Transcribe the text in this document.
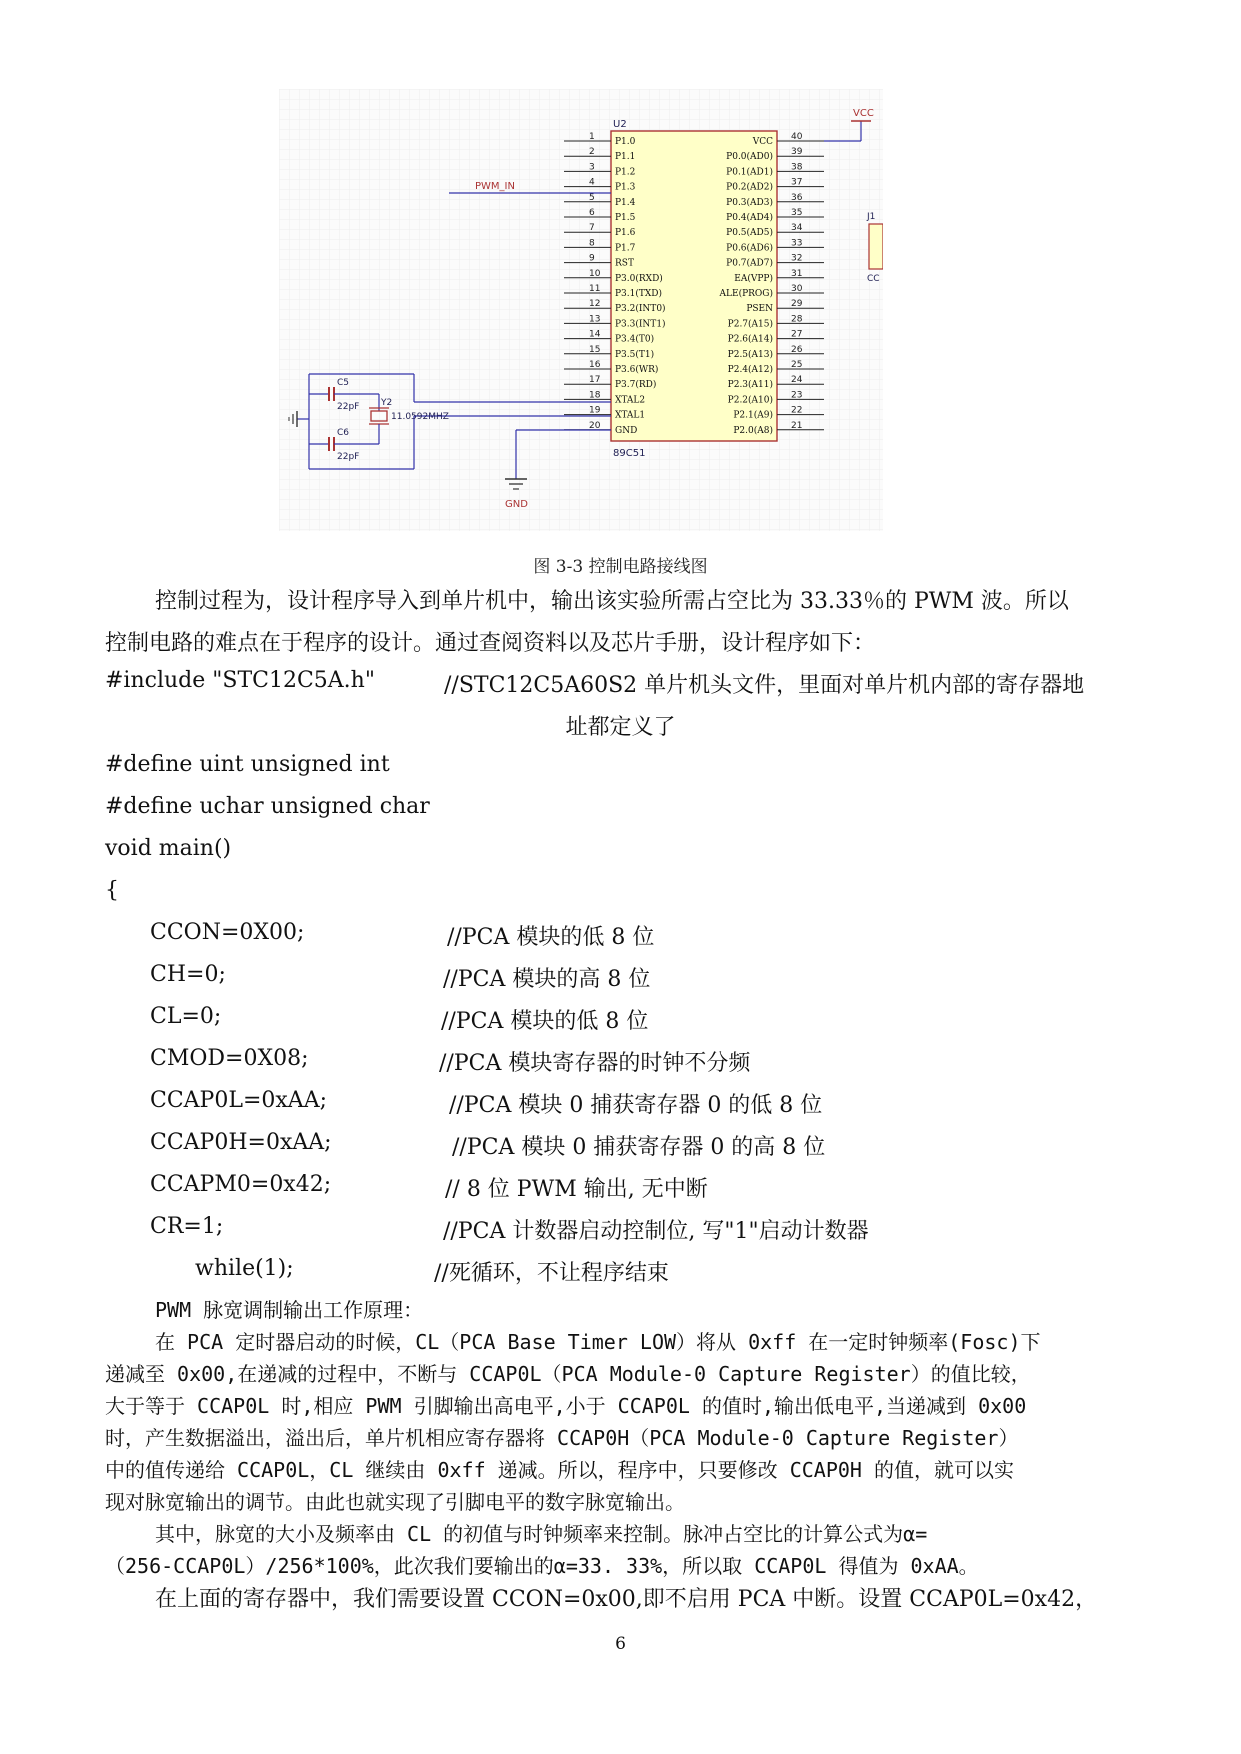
U2
89C51
1 P1.0
2 P1.1
3 P1.2
4 P1.3
5 P1.4
6 P1.5
7 P1.6
8 P1.7
9 RST
10 P3.0(RXD)
11 P3.1(TXD)
12 P3.2(INT0)
13 P3.3(INT1)
14 P3.4(T0)
15 P3.5(T1)
16 P3.6(WR)
17 P3.7(RD)
18 XTAL2
19 XTAL1
20 GND
40
VCC
39
P0.0(AD0)
38
P0.1(AD1)
37
P0.2(AD2)
36
P0.3(AD3)
35
P0.4(AD4)
34
P0.5(AD5)
33
P0.6(AD6)
32
P0.7(AD7)
31
EA(VPP)
30
ALE(PROG)
29
PSEN
28
P2.7(A15)
27
P2.6(A14)
26
P2.5(A13)
25
P2.4(A12)
24
P2.3(A11)
23
P2.2(A10)
22
P2.1(A9)
21
P2.0(A8)
VCC
PWM_IN
J1
CC
GND
C5
22pF
C6
22pF
Y2
11.0592MHZ
图 3-3 控制电路接线图
控制过程为，设计程序导入到单片机中，输出该实验所需占空比为 33.33％的 PWM 波。所以
控制电路的难点在于程序的设计。通过查阅资料以及芯片手册，设计程序如下：
#include "STC12C5A.h"	//STC12C5A60S2 单片机头文件，里面对单片机内部的寄存器地
址都定义了
#define uint unsigned int
#define uchar unsigned char
void main()
{
CCON=0X00;	//PCA 模块的低 8 位
CH=0;	//PCA 模块的高 8 位
CL=0;	//PCA 模块的低 8 位
CMOD=0X08;	//PCA 模块寄存器的时钟不分频
CCAP0L=0xAA;	//PCA 模块 0 捕获寄存器 0 的低 8 位
CCAP0H=0xAA;	//PCA 模块 0 捕获寄存器 0 的高 8 位
CCAPM0=0x42;	// 8 位 PWM 输出, 无中断
CR=1;	//PCA 计数器启动控制位, 写"1"启动计数器
while(1);	//死循环，不让程序结束
PWM 脉宽调制输出工作原理：
在 PCA 定时器启动的时候，CL（PCA Base Timer LOW）将从 0xff 在一定时钟频率(Fosc)下
递减至 0x00,在递减的过程中，不断与 CCAP0L（PCA Module-0 Capture Register）的值比较，
大于等于 CCAP0L 时,相应 PWM 引脚输出高电平,小于 CCAP0L 的值时,输出低电平,当递减到 0x00
时，产生数据溢出，溢出后，单片机相应寄存器将 CCAP0H（PCA Module-0 Capture Register）
中的值传递给 CCAP0L，CL 继续由 0xff 递减。所以，程序中，只要修改 CCAP0H 的值，就可以实
现对脉宽输出的调节。由此也就实现了引脚电平的数字脉宽输出。
其中，脉宽的大小及频率由 CL 的初值与时钟频率来控制。脉冲占空比的计算公式为α=
（256-CCAP0L）/256*100%，此次我们要输出的α=33. 33%，所以取 CCAP0L 得值为 0xAA。
在上面的寄存器中，我们需要设置 CCON=0x00,即不启用 PCA 中断。设置 CCAP0L=0x42，
6
